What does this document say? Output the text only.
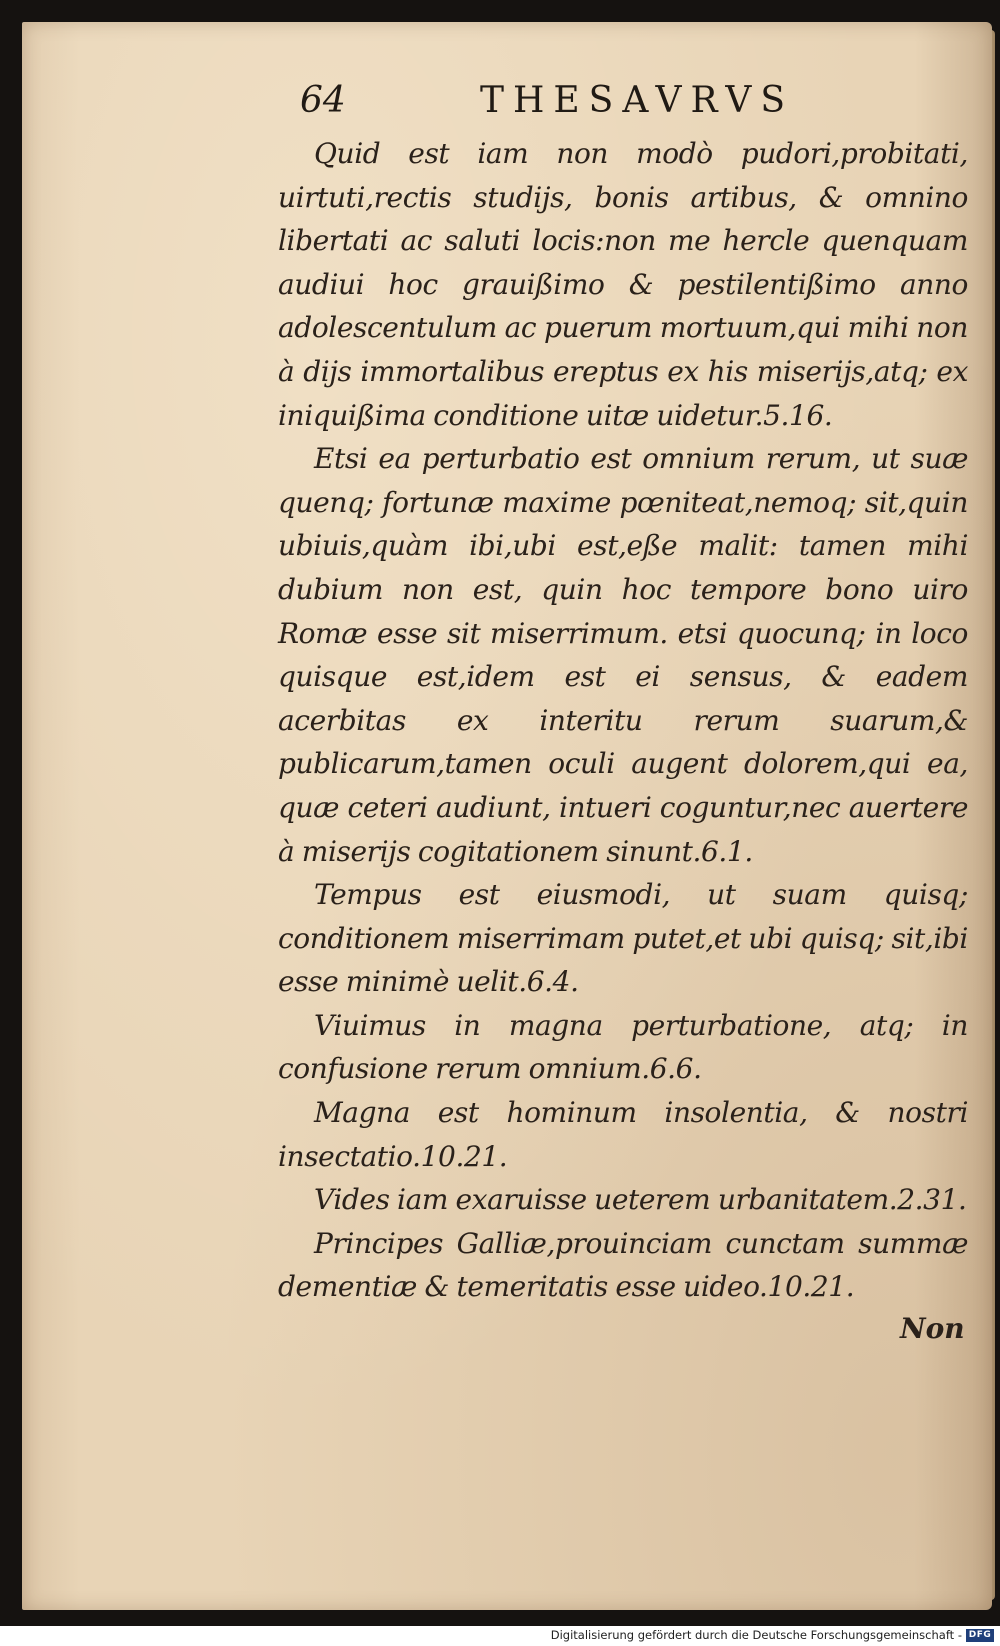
64	THESAVRVS

Quid est iam non modò pudori,probitati, uirtuti,rectis studijs, bonis artibus, & omnino libertati ac saluti locis:non me hercle quenquam audiui hoc grauißimo & pestilentißimo anno adolescentulum ac puerum mortuum,qui mihi non à dijs immortalibus ereptus ex his miserijs,atq; ex iniquißima conditione uitæ uidetur.5.16.

Etsi ea perturbatio est omnium rerum, ut suæ quenq; fortunæ maxime pœniteat,nemoq; sit,quin ubiuis,quàm ibi,ubi est,eße malit: tamen mihi dubium non est, quin hoc tempore bono uiro Romæ esse sit miserrimum. etsi quocunq; in loco quisque est,idem est ei sensus, & eadem acerbitas ex interitu rerum suarum,& publicarum,tamen oculi augent dolorem,qui ea, quæ ceteri audiunt, intueri coguntur,nec auertere à miserijs cogitationem sinunt.6.1.

Tempus est eiusmodi, ut suam quisq; conditionem miserrimam putet,et ubi quisq; sit,ibi esse minimè uelit.6.4.

Viuimus in magna perturbatione, atq; in confusione rerum omnium.6.6.

Magna est hominum insolentia, & nostri insectatio.10.21.

Vides iam exaruisse ueterem urbanitatem.2.31.

Principes Galliæ,prouinciam cunctam summæ dementiæ & temeritatis esse uideo.10.21.

Non
Digitalisierung gefördert durch die Deutsche Forschungsgemeinschaft - DFG
